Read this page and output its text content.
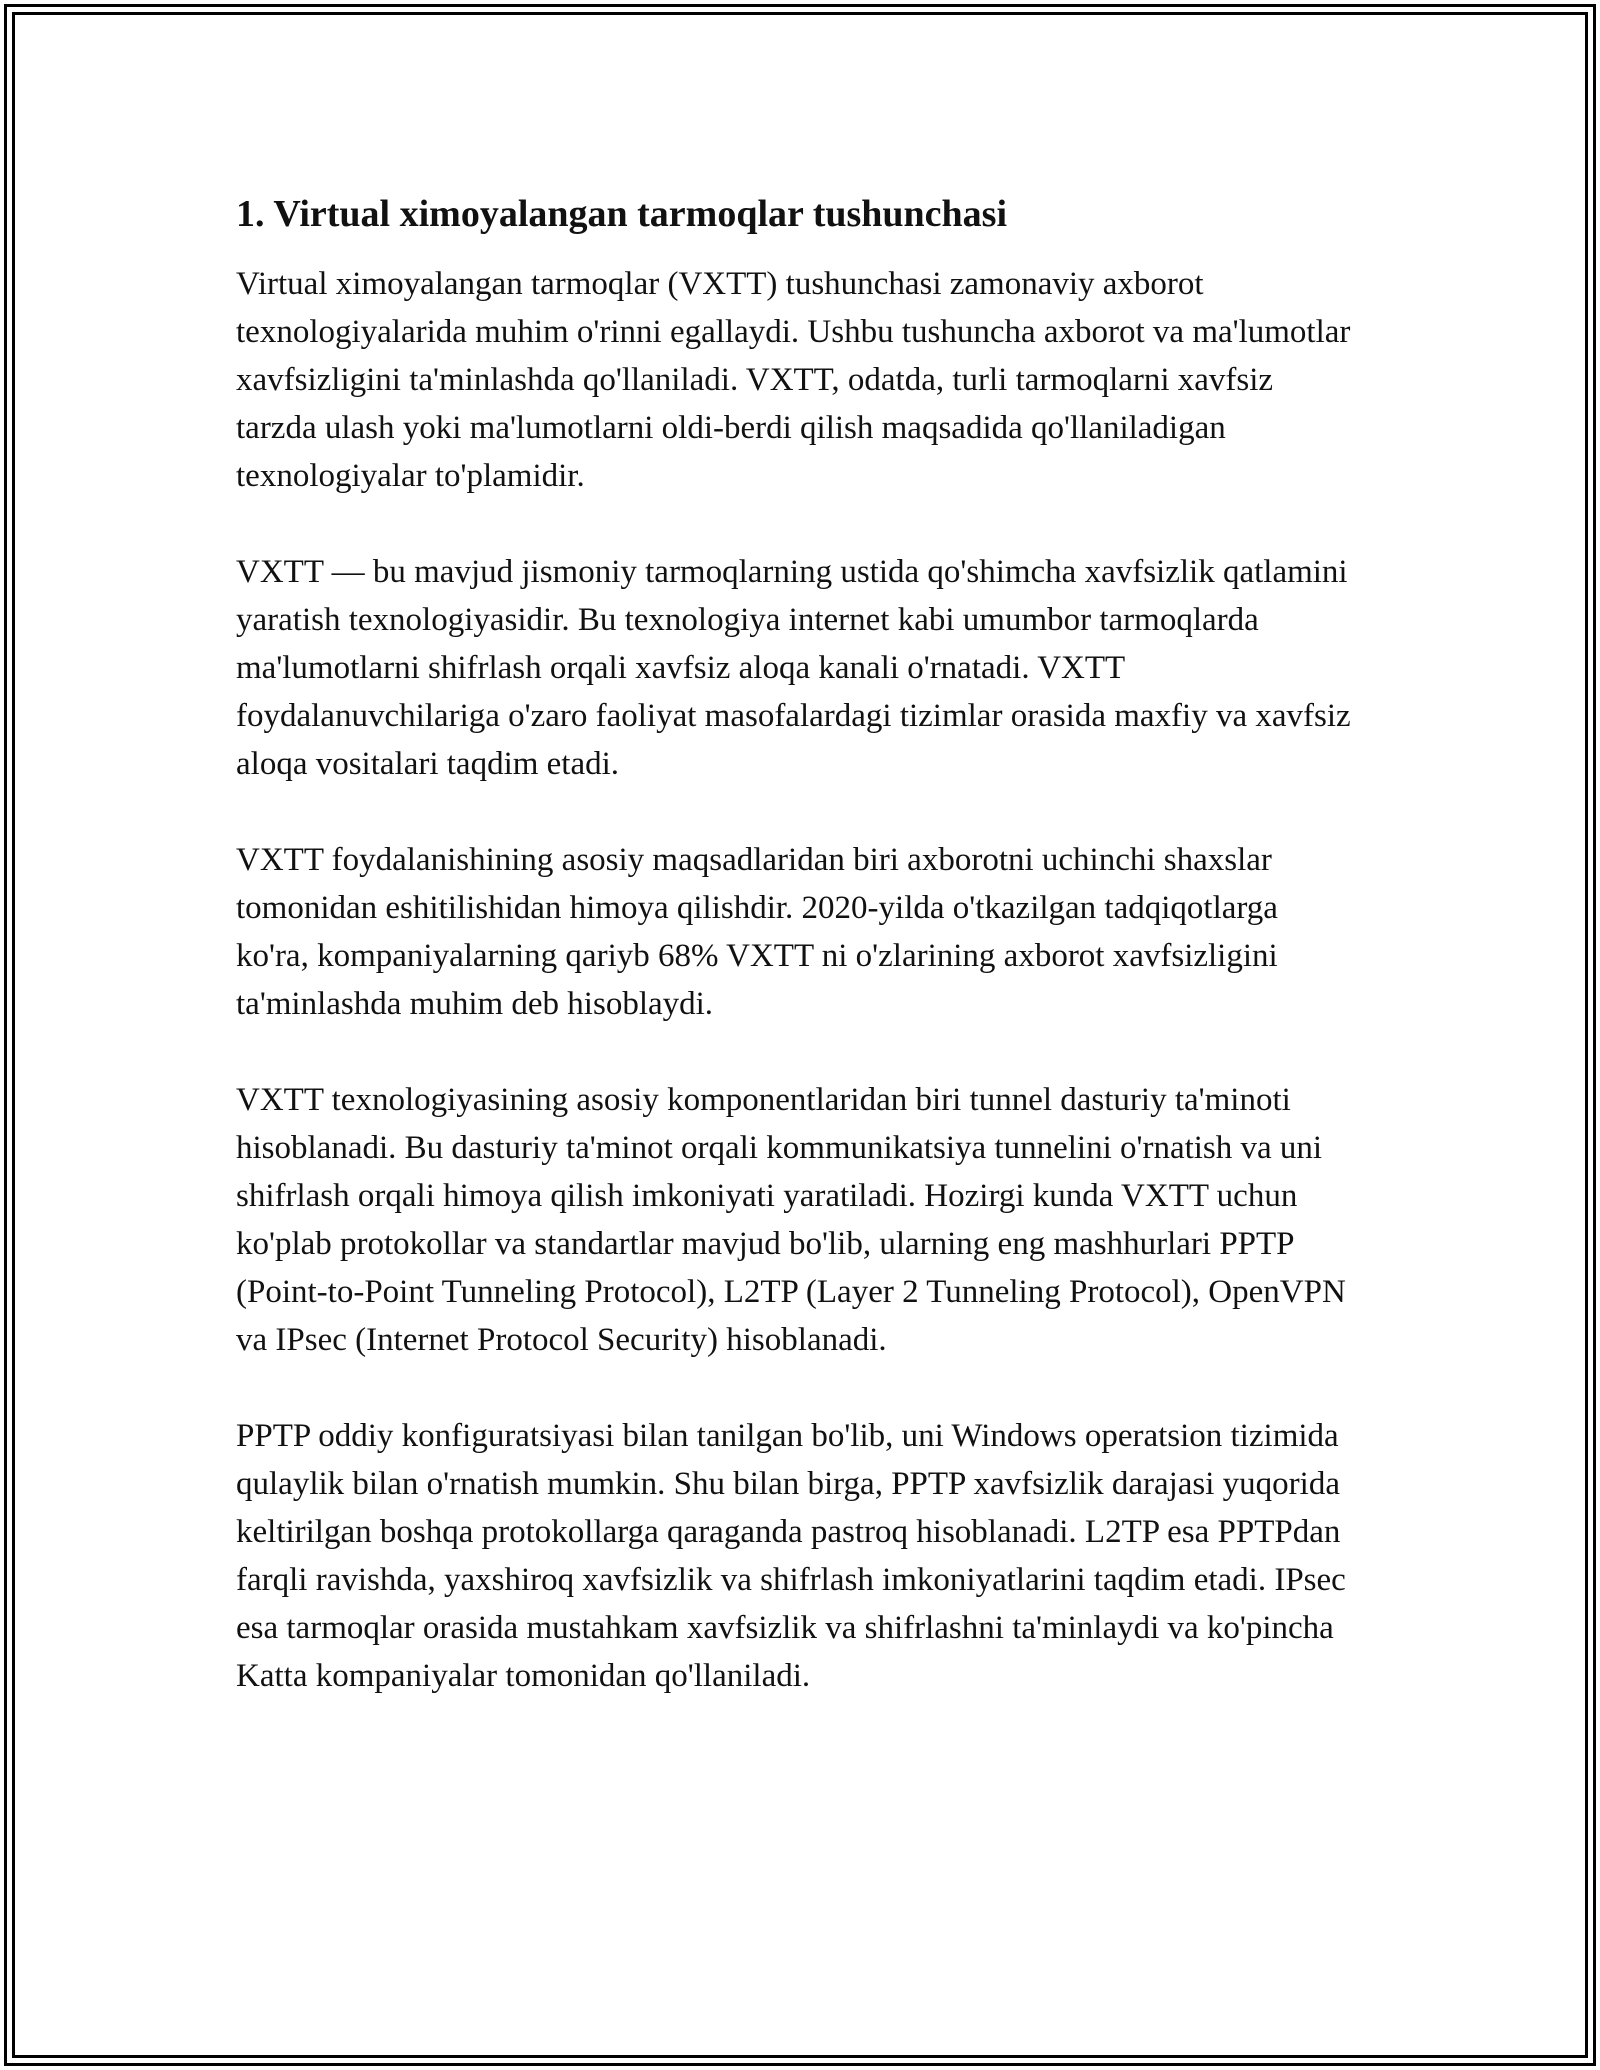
1. Virtual ximoyalangan tarmoqlar tushunchasi

Virtual ximoyalangan tarmoqlar (VXTT) tushunchasi zamonaviy axborot texnologiyalarida muhim o'rinni egallaydi. Ushbu tushuncha axborot va ma'lumotlar xavfsizligini ta'minlashda qo'llaniladi. VXTT, odatda, turli tarmoqlarni xavfsiz tarzda ulash yoki ma'lumotlarni oldi-berdi qilish maqsadida qo'llaniladigan texnologiyalar to'plamidir.

VXTT — bu mavjud jismoniy tarmoqlarning ustida qo'shimcha xavfsizlik qatlamini yaratish texnologiyasidir. Bu texnologiya internet kabi umumbor tarmoqlarda ma'lumotlarni shifrlash orqali xavfsiz aloqa kanali o'rnatadi. VXTT foydalanuvchilariga o'zaro faoliyat masofalardagi tizimlar orasida maxfiy va xavfsiz aloqa vositalari taqdim etadi.

VXTT foydalanishining asosiy maqsadlaridan biri axborotni uchinchi shaxslar tomonidan eshitilishidan himoya qilishdir. 2020-yilda o'tkazilgan tadqiqotlarga ko'ra, kompaniyalarning qariyb 68% VXTT ni o'zlarining axborot xavfsizligini ta'minlashda muhim deb hisoblaydi.

VXTT texnologiyasining asosiy komponentlaridan biri tunnel dasturiy ta'minoti hisoblanadi. Bu dasturiy ta'minot orqali kommunikatsiya tunnelini o'rnatish va uni shifrlash orqali himoya qilish imkoniyati yaratiladi. Hozirgi kunda VXTT uchun ko'plab protokollar va standartlar mavjud bo'lib, ularning eng mashhurlari PPTP (Point-to-Point Tunneling Protocol), L2TP (Layer 2 Tunneling Protocol), OpenVPN va IPsec (Internet Protocol Security) hisoblanadi.

PPTP oddiy konfiguratsiyasi bilan tanilgan bo'lib, uni Windows operatsion tizimida qulaylik bilan o'rnatish mumkin. Shu bilan birga, PPTP xavfsizlik darajasi yuqorida keltirilgan boshqa protokollarga qaraganda pastroq hisoblanadi. L2TP esa PPTPdan farqli ravishda, yaxshiroq xavfsizlik va shifrlash imkoniyatlarini taqdim etadi. IPsec esa tarmoqlar orasida mustahkam xavfsizlik va shifrlashni ta'minlaydi va ko'pincha Katta kompaniyalar tomonidan qo'llaniladi.
